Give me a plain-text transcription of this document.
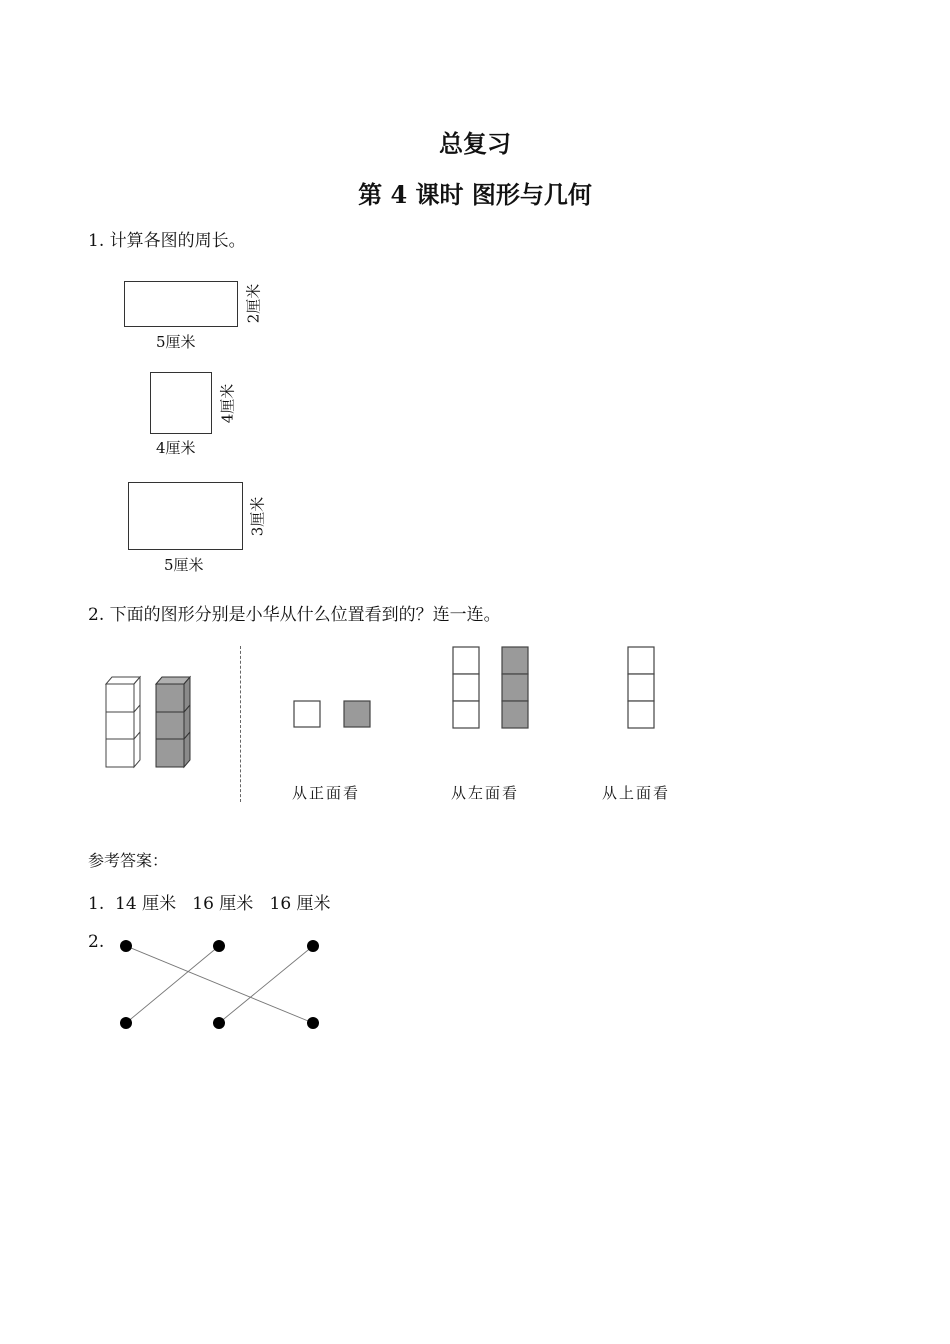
总复习
第 4 课时 图形与几何
1. 计算各图的周长。
5厘米
2厘米
4厘米
4厘米
5厘米
3厘米
2. 下面的图形分别是小华从什么位置看到的？连一连。
从正面看	从左面看	从上面看
参考答案：
1.  14 厘米   16 厘米   16 厘米
2.
